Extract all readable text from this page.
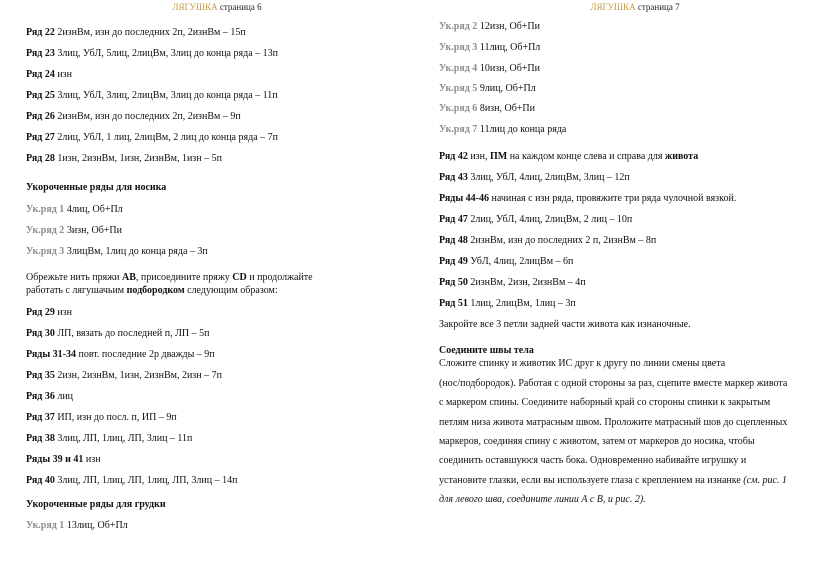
ЛЯГУШКА страница 6
Ряд 22 2изнВм, изн до последних 2п, 2изнВм – 15п
Ряд 23 3лиц, УбЛ, 5лиц, 2лицВм, 3лиц до конца ряда – 13п
Ряд 24 изн
Ряд 25 3лиц, УбЛ, 3лиц, 2лицВм, 3лиц до конца ряда – 11п
Ряд 26 2изнВм, изн до последних 2п, 2изнВм – 9п
Ряд 27 2лиц, УбЛ, 1 лиц, 2лицВм, 2 лиц до конца ряда – 7п
Ряд 28 1изн, 2изнВм, 1изн, 2изнВм, 1изн – 5п
Укороченные ряды для носика
Ук.ряд 1 4лиц, Об+Пл
Ук.ряд 2 3изн, Об+Пи
Ук.ряд 3 3лицВм, 1лиц до конца ряда – 3п
Обрежьте нить пряжи AB, присоедините пряжу CD и продолжайте
работать с лягушачьим подбородком следующим образом:
Ряд 29 изн
Ряд 30 ЛП, вязать до последней п, ЛП – 5п
Ряды 31-34 повт. последние 2р дважды – 9п
Ряд 35 2изн, 2изнВм, 1изн, 2изнВм, 2изн – 7п
Ряд 36 лиц
Ряд 37 ИП, изн до посл. п, ИП – 9п
Ряд 38 3лиц, ЛП, 1лиц, ЛП, 3лиц – 11п
Ряды 39 и 41 изн
Ряд 40 3лиц, ЛП, 1лиц, ЛП, 1лиц, ЛП, 3лиц – 14п
Укороченные ряды для грудки
Ук.ряд 1 13лиц, Об+Пл
ЛЯГУШКА страница 7
Ук.ряд 2 12изн, Об+Пи
Ук.ряд 3 11лиц, Об+Пл
Ук.ряд 4 10изн, Об+Пи
Ук.ряд 5 9лиц, Об+Пл
Ук.ряд 6 8изн, Об+Пи
Ук.ряд 7 11лиц до конца ряда
Ряд 42 изн, ПМ на каждом конце слева и справа для живота
Ряд 43 3лиц, УбЛ, 4лиц, 2лицВм, 3лиц – 12п
Ряды 44-46 начиная с изн ряда, провяжите три ряда чулочной вязкой.
Ряд 47 2лиц, УбЛ, 4лиц, 2лицВм, 2 лиц – 10п
Ряд 48 2изнВм, изн до последних 2 п, 2изнВм – 8п
Ряд 49 УбЛ, 4лиц, 2лицВм – 6п
Ряд 50 2изнВм, 2изн, 2изнВм – 4п
Ряд 51 1лиц, 2лицВм, 1лиц – 3п
Закройте все 3 петли задней части живота как изнаночные.
Соедините швы тела
Сложите спинку и животик ИС друг к другу по линии смены цвета
(нос/подбородок). Работая с одной стороны за раз, сцепите вместе маркер живота
с маркером спины. Соедините наборный край со стороны спинки к закрытым
петлям низа живота матрасным швом. Проложите матрасный шов до сцепленных
маркеров, соединяя спину с животом, затем от маркеров до носика, чтобы
соединить оставшуюся часть бока. Одновременно набивайте игрушку и
установите глазки, если вы используете глаза с креплением на изнанке (см. рис. 1
для левого шва, соедините линии A с B, и рис. 2).
